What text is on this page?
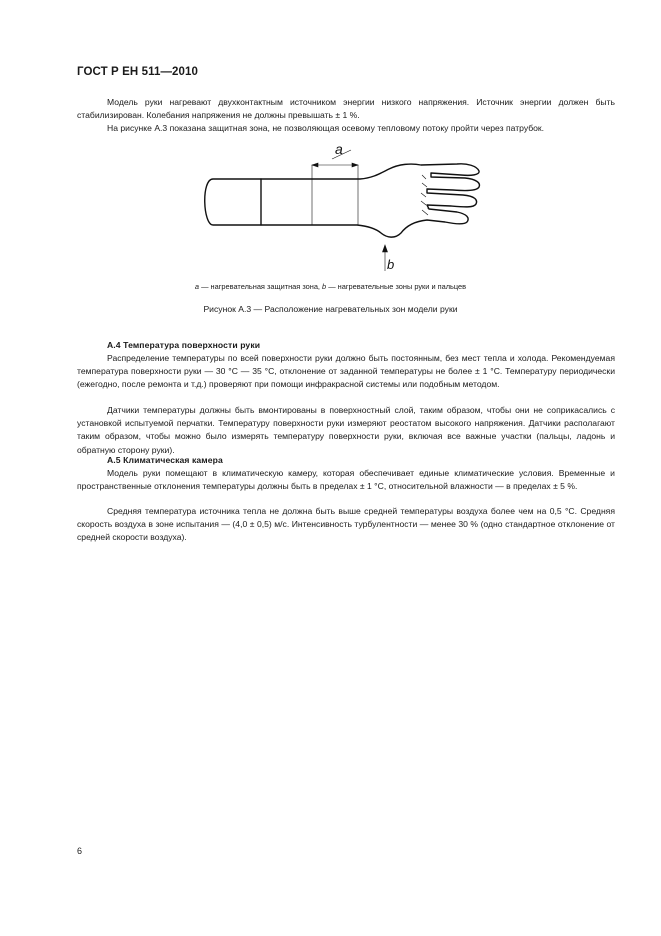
ГОСТ Р ЕН 511—2010

Модель руки нагревают двухконтактным источником энергии низкого напряжения. Источник энергии должен быть стабилизирован. Колебания напряжения не должны превышать ± 1 %.

На рисунке А.3 показана защитная зона, не позволяющая осевому тепловому потоку пройти через патрубок.

a
b
a — нагревательная защитная зона, b — нагревательные зоны руки и пальцев
Рисунок А.3 — Расположение нагревательных зон модели руки
А.4 Температура поверхности руки

Распределение температуры по всей поверхности руки должно быть постоянным, без мест тепла и холода. Рекомендуемая температура поверхности руки — 30 °С — 35 °С, отклонение от заданной температуры не более ± 1 °С. Температуру периодически (ежегодно, после ремонта и т.д.) проверяют при помощи инфракрасной системы или подобным методом.

Датчики температуры должны быть вмонтированы в поверхностный слой, таким образом, чтобы они не соприкасались с установкой испытуемой перчатки. Температуру поверхности руки измеряют реостатом высокого напряжения. Датчики располагают таким образом, чтобы можно было измерять температуру поверхности руки, включая все важные участки (пальцы, ладонь и обратную сторону руки).

А.5 Климатическая камера

Модель руки помещают в климатическую камеру, которая обеспечивает единые климатические условия. Временные и пространственные отклонения температуры должны быть в пределах ± 1 °С, относительной влажности — в пределах ± 5 %.

Средняя температура источника тепла не должна быть выше средней температуры воздуха более чем на 0,5 °С. Средняя скорость воздуха в зоне испытания — (4,0 ± 0,5) м/с. Интенсивность турбулентности — менее 30 % (одно стандартное отклонение от средней скорости воздуха).

6
